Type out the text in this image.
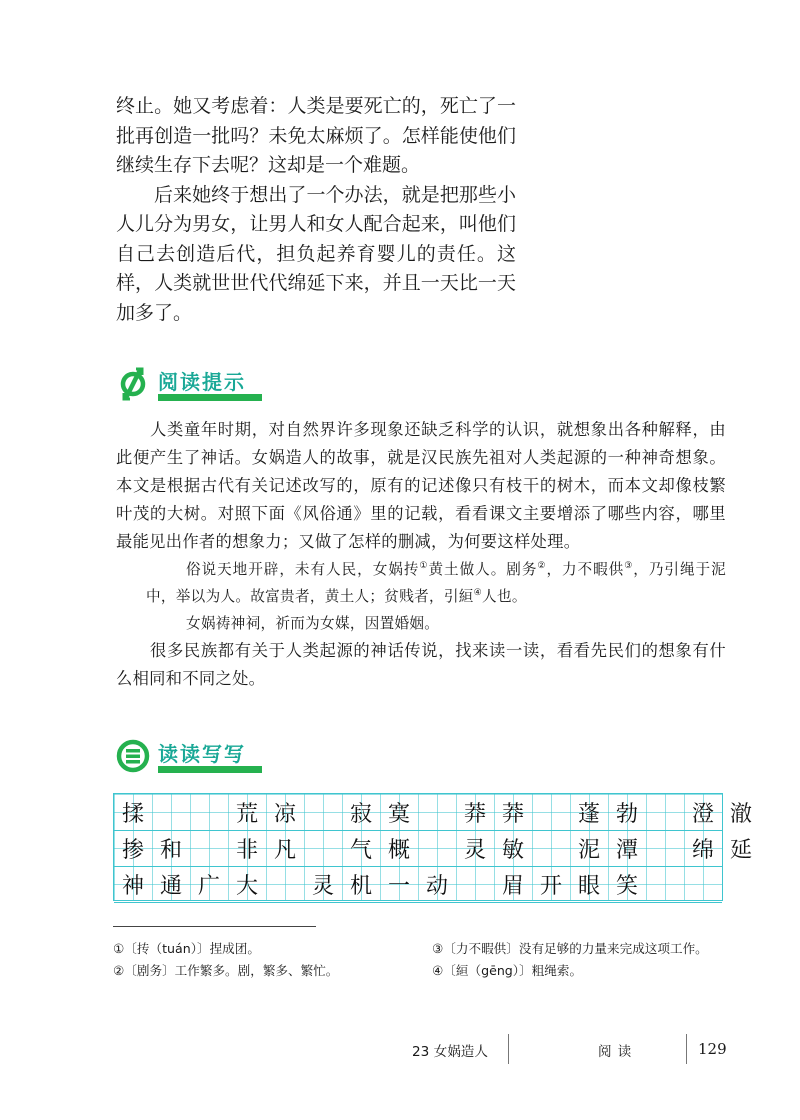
终止。她又考虑着：人类是要死亡的，死亡了一批再创造一批吗？未免太麻烦了。怎样能使他们继续生存下去呢？这却是一个难题。

后来她终于想出了一个办法，就是把那些小人儿分为男女，让男人和女人配合起来，叫他们自己去创造后代，担负起养育婴儿的责任。这样，人类就世世代代绵延下来，并且一天比一天加多了。

阅读提示

人类童年时期，对自然界许多现象还缺乏科学的认识，就想象出各种解释，由此便产生了神话。女娲造人的故事，就是汉民族先祖对人类起源的一种神奇想象。本文是根据古代有关记述改写的，原有的记述像只有枝干的树木，而本文却像枝繁叶茂的大树。对照下面《风俗通》里的记载，看看课文主要增添了哪些内容，哪里最能见出作者的想象力；又做了怎样的删减，为何要这样处理。

俗说天地开辟，未有人民，女娲抟①黄土做人。剧务②，力不暇供③，乃引绳于泥中，举以为人。故富贵者，黄土人；贫贱者，引絙④人也。

女娲祷神祠，祈而为女媒，因置婚姻。

很多民族都有关于人类起源的神话传说，找来读一读，看看先民们的想象有什么相同和不同之处。

读读写写
揉	荒 凉	寂 寞	莽 莽	蓬 勃	澄 澈
掺 和	非 凡	气 概	灵 敏	泥 潭	绵 延
神 通 广 大	灵 机 一 动	眉 开 眼 笑
①〔抟（tuán）〕捏成团。
②〔剧务〕工作繁多。剧，繁多、繁忙。
③〔力不暇供〕没有足够的力量来完成这项工作。
④〔絙（gēng）〕粗绳索。
23 女娲造人	阅读	129
